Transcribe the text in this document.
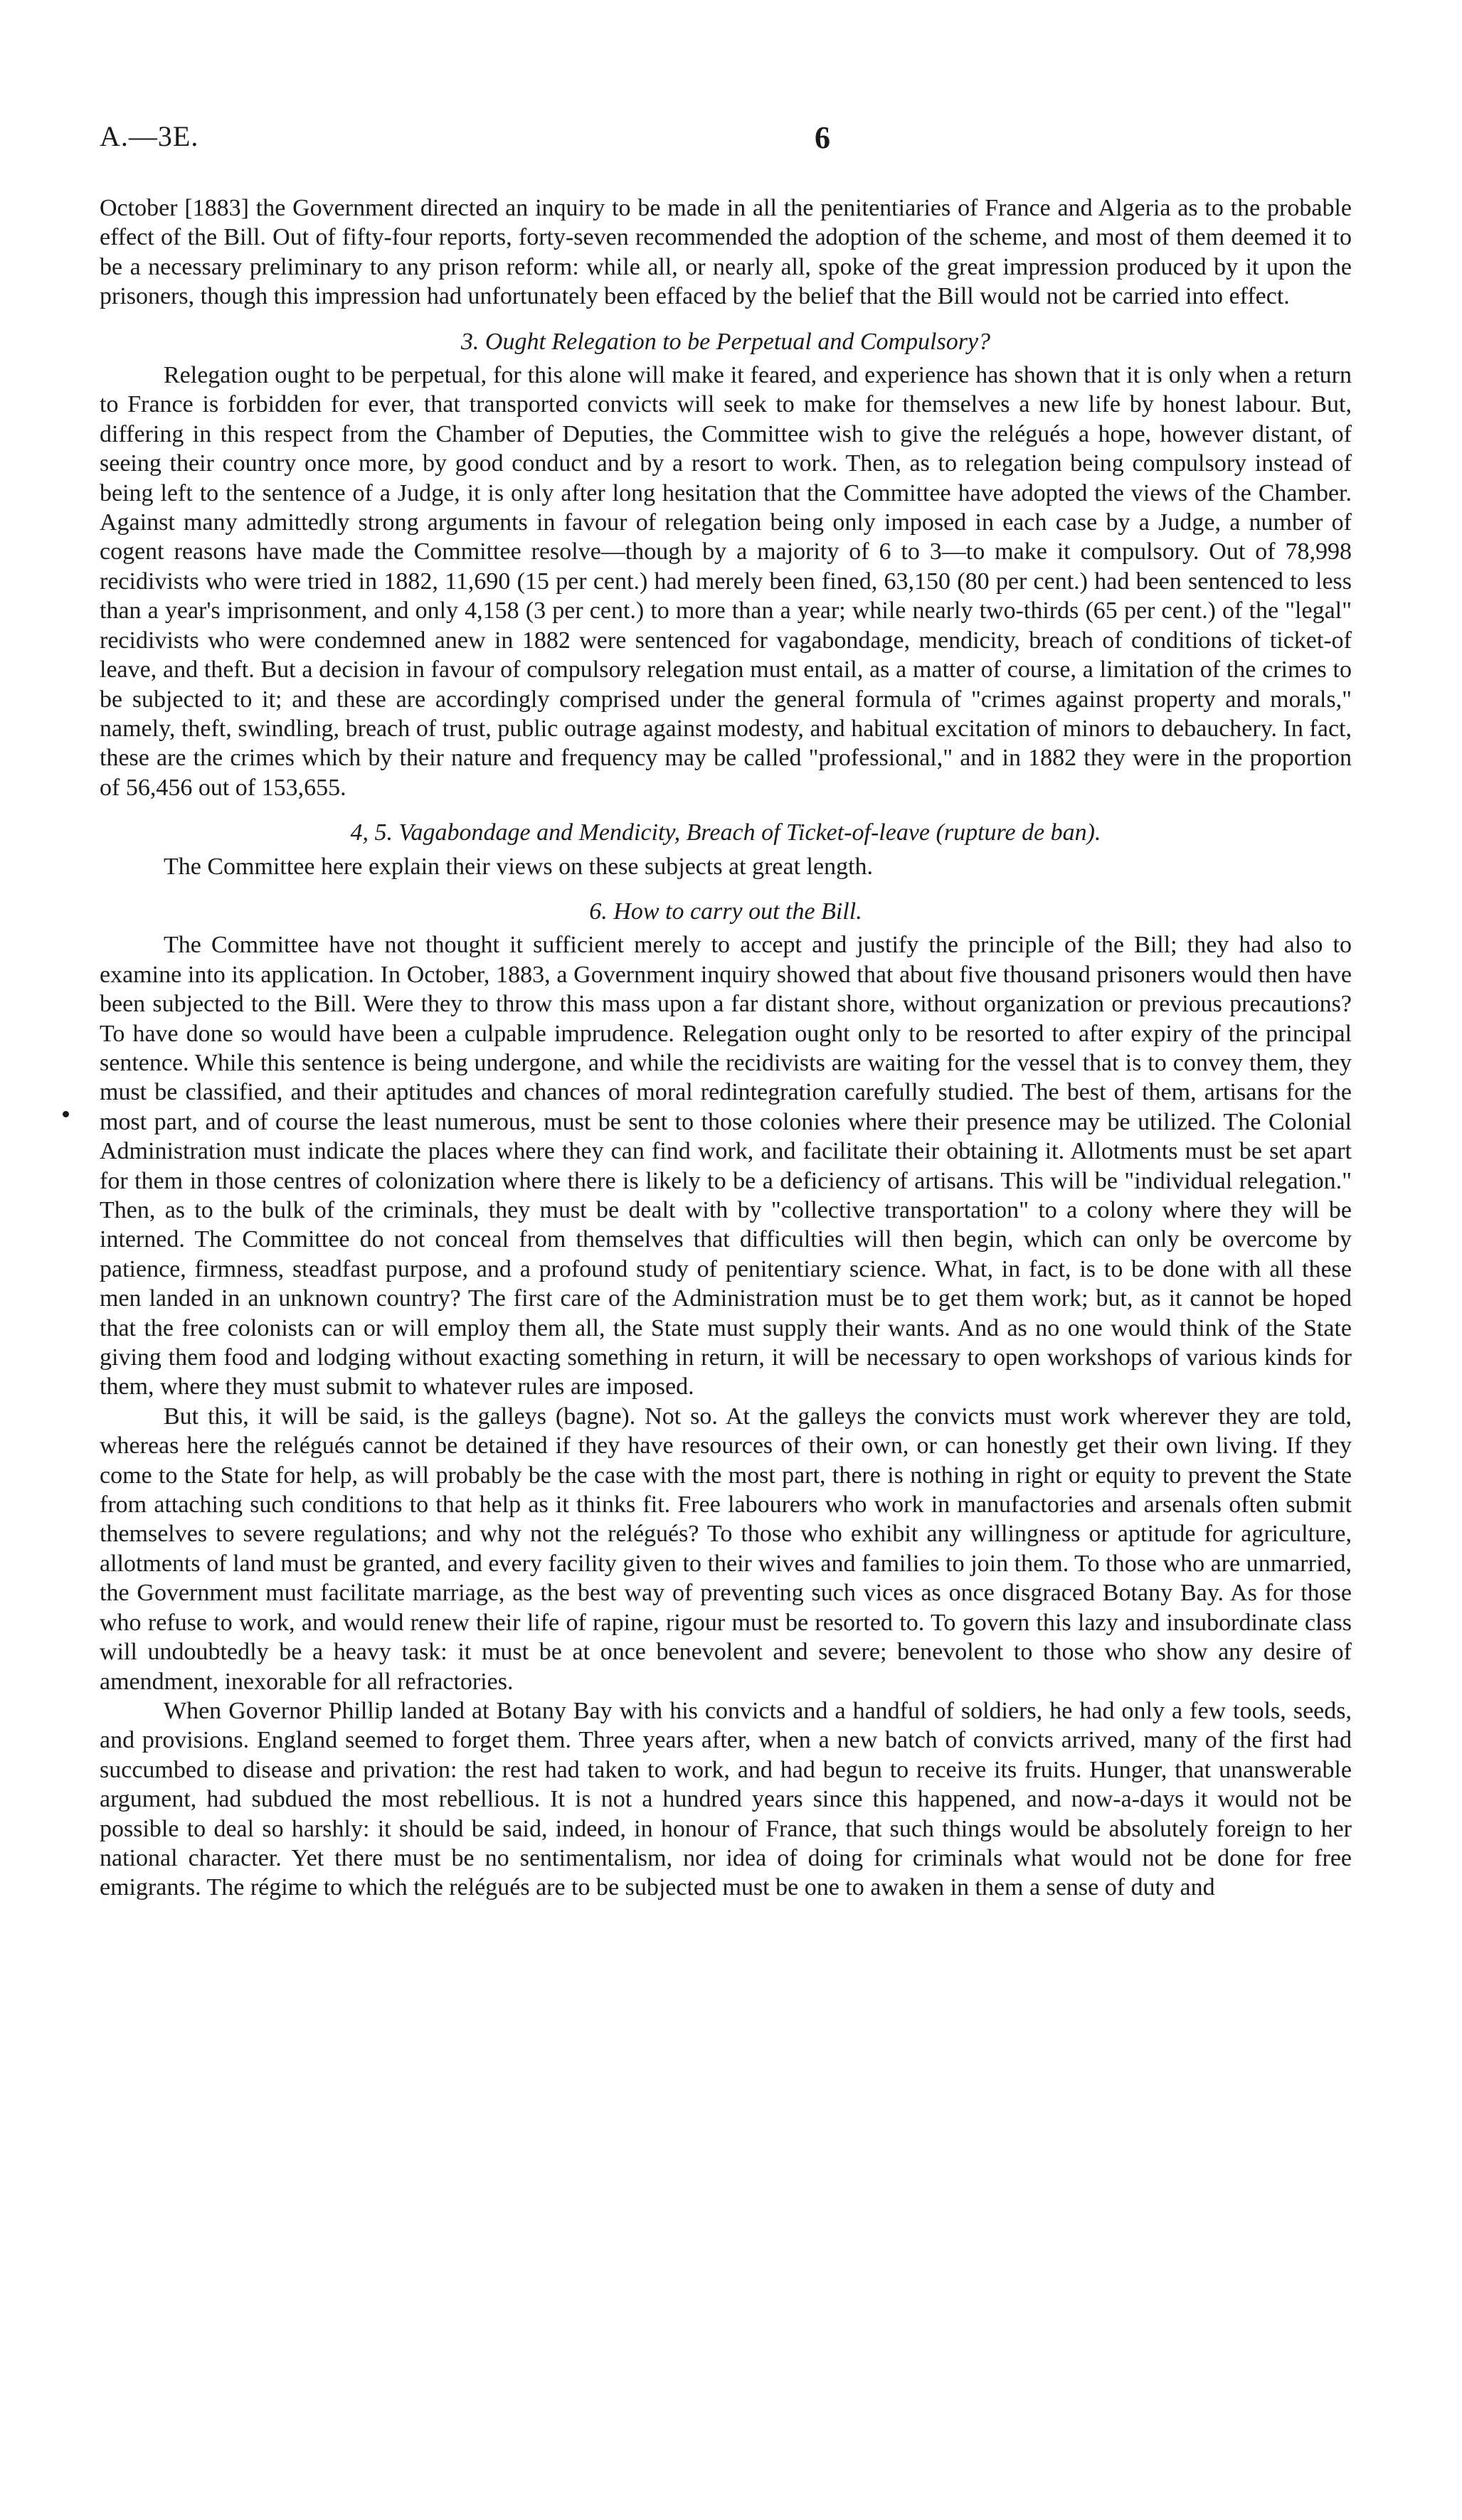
A.—3E.	6

October [1883] the Government directed an inquiry to be made in all the penitentiaries of France and Algeria as to the probable effect of the Bill. Out of fifty-four reports, forty-seven recommended the adoption of the scheme, and most of them deemed it to be a necessary preliminary to any prison reform: while all, or nearly all, spoke of the great impression produced by it upon the prisoners, though this impression had unfortunately been effaced by the belief that the Bill would not be carried into effect.

3. Ought Relegation to be Perpetual and Compulsory?

Relegation ought to be perpetual, for this alone will make it feared, and experience has shown that it is only when a return to France is forbidden for ever, that transported convicts will seek to make for themselves a new life by honest labour. But, differing in this respect from the Chamber of Deputies, the Committee wish to give the relégués a hope, however distant, of seeing their country once more, by good conduct and by a resort to work. Then, as to relegation being compulsory instead of being left to the sentence of a Judge, it is only after long hesitation that the Committee have adopted the views of the Chamber. Against many admittedly strong arguments in favour of relegation being only imposed in each case by a Judge, a number of cogent reasons have made the Committee resolve—though by a majority of 6 to 3—to make it compulsory. Out of 78,998 recidivists who were tried in 1882, 11,690 (15 per cent.) had merely been fined, 63,150 (80 per cent.) had been sentenced to less than a year's imprisonment, and only 4,158 (3 per cent.) to more than a year; while nearly two-thirds (65 per cent.) of the "legal" recidivists who were condemned anew in 1882 were sentenced for vagabondage, mendicity, breach of conditions of ticket-of leave, and theft. But a decision in favour of compulsory relegation must entail, as a matter of course, a limitation of the crimes to be subjected to it; and these are accordingly comprised under the general formula of "crimes against property and morals," namely, theft, swindling, breach of trust, public outrage against modesty, and habitual excitation of minors to debauchery. In fact, these are the crimes which by their nature and frequency may be called "professional," and in 1882 they were in the proportion of 56,456 out of 153,655.

4, 5. Vagabondage and Mendicity, Breach of Ticket-of-leave (rupture de ban).

The Committee here explain their views on these subjects at great length.

6. How to carry out the Bill.

The Committee have not thought it sufficient merely to accept and justify the principle of the Bill; they had also to examine into its application. In October, 1883, a Government inquiry showed that about five thousand prisoners would then have been subjected to the Bill. Were they to throw this mass upon a far distant shore, without organization or previous precautions? To have done so would have been a culpable imprudence. Relegation ought only to be resorted to after expiry of the principal sentence. While this sentence is being undergone, and while the recidivists are waiting for the vessel that is to convey them, they must be classified, and their aptitudes and chances of moral redintegration carefully studied. The best of them, artisans for the most part, and of course the least numerous, must be sent to those colonies where their presence may be utilized. The Colonial Administration must indicate the places where they can find work, and facilitate their obtaining it. Allotments must be set apart for them in those centres of colonization where there is likely to be a deficiency of artisans. This will be "individual relegation." Then, as to the bulk of the criminals, they must be dealt with by "collective transportation" to a colony where they will be interned. The Committee do not conceal from themselves that difficulties will then begin, which can only be overcome by patience, firmness, steadfast purpose, and a profound study of penitentiary science. What, in fact, is to be done with all these men landed in an unknown country? The first care of the Administration must be to get them work; but, as it cannot be hoped that the free colonists can or will employ them all, the State must supply their wants. And as no one would think of the State giving them food and lodging without exacting something in return, it will be necessary to open workshops of various kinds for them, where they must submit to whatever rules are imposed.

But this, it will be said, is the galleys (bagne). Not so. At the galleys the convicts must work wherever they are told, whereas here the relégués cannot be detained if they have resources of their own, or can honestly get their own living. If they come to the State for help, as will probably be the case with the most part, there is nothing in right or equity to prevent the State from attaching such conditions to that help as it thinks fit. Free labourers who work in manufactories and arsenals often submit themselves to severe regulations; and why not the relégués? To those who exhibit any willingness or aptitude for agriculture, allotments of land must be granted, and every facility given to their wives and families to join them. To those who are unmarried, the Government must facilitate marriage, as the best way of preventing such vices as once disgraced Botany Bay. As for those who refuse to work, and would renew their life of rapine, rigour must be resorted to. To govern this lazy and insubordinate class will undoubtedly be a heavy task: it must be at once benevolent and severe; benevolent to those who show any desire of amendment, inexorable for all refractories.

When Governor Phillip landed at Botany Bay with his convicts and a handful of soldiers, he had only a few tools, seeds, and provisions. England seemed to forget them. Three years after, when a new batch of convicts arrived, many of the first had succumbed to disease and privation: the rest had taken to work, and had begun to receive its fruits. Hunger, that unanswerable argument, had subdued the most rebellious. It is not a hundred years since this happened, and now-a-days it would not be possible to deal so harshly: it should be said, indeed, in honour of France, that such things would be absolutely foreign to her national character. Yet there must be no sentimentalism, nor idea of doing for criminals what would not be done for free emigrants. The régime to which the relégués are to be subjected must be one to awaken in them a sense of duty and
